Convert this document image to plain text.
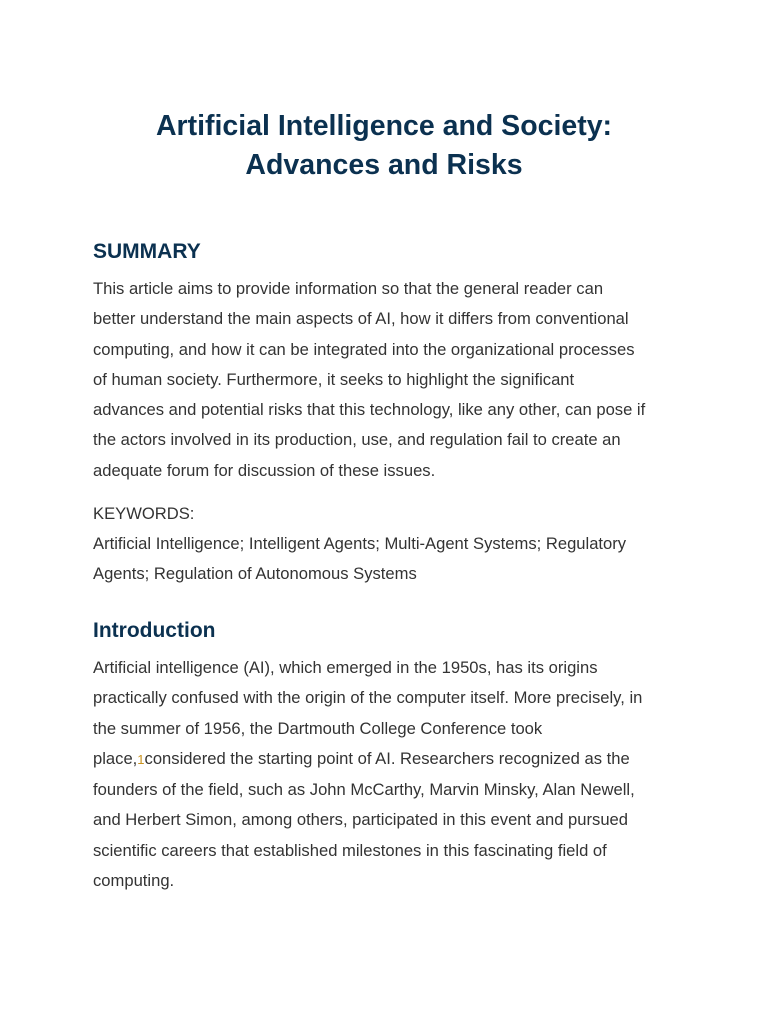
Artificial Intelligence and Society:
Advances and Risks
SUMMARY

This article aims to provide information so that the general reader can
better understand the main aspects of AI, how it differs from conventional
computing, and how it can be integrated into the organizational processes
of human society. Furthermore, it seeks to highlight the significant
advances and potential risks that this technology, like any other, can pose if
the actors involved in its production, use, and regulation fail to create an
adequate forum for discussion of these issues.

KEYWORDS:

Artificial Intelligence; Intelligent Agents; Multi-Agent Systems; Regulatory
Agents; Regulation of Autonomous Systems

Introduction

Artificial intelligence (AI), which emerged in the 1950s, has its origins
practically confused with the origin of the computer itself. More precisely, in
the summer of 1956, the Dartmouth College Conference took
place,1considered the starting point of AI. Researchers recognized as the
founders of the field, such as John McCarthy, Marvin Minsky, Alan Newell,
and Herbert Simon, among others, participated in this event and pursued
scientific careers that established milestones in this fascinating field of
computing.
